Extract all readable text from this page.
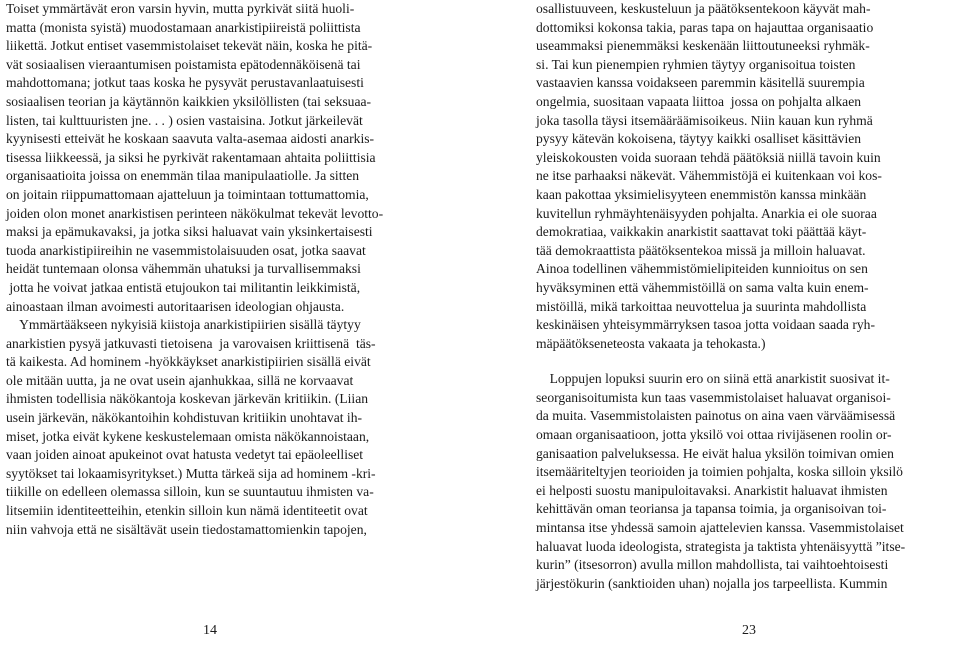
Toiset ymmärtävät eron varsin hyvin, mutta pyrkivät siitä huoli-
matta (monista syistä) muodostamaan anarkistipiireistä poliittista
liikettä. Jotkut entiset vasemmistolaiset tekevät näin, koska he pitä-
vät sosiaalisen vieraantumisen poistamista epätodennäköisenä tai
mahdottomana; jotkut taas koska he pysyvät perustavanlaatuisesti
sosiaalisen teorian ja käytännön kaikkien yksilöllisten (tai seksuaa-
listen, tai kulttuuristen jne. . . ) osien vastaisina. Jotkut järkeilevät
kyynisesti etteivät he koskaan saavuta valta-asemaa aidosti anarkis-
tisessa liikkeessä, ja siksi he pyrkivät rakentamaan ahtaita poliittisia
organisaatioita joissa on enemmän tilaa manipulaatiolle. Ja sitten
on joitain riippumattomaan ajatteluun ja toimintaan tottumattomia,
joiden olon monet anarkistisen perinteen näkökulmat tekevät levotto-
maksi ja epämukavaksi, ja jotka siksi haluavat vain yksinkertaisesti
tuoda anarkistipiireihin ne vasemmistolaisuuden osat, jotka saavat
heidät tuntemaan olonsa vähemmän uhatuksi ja turvallisemmaksi
jotta he voivat jatkaa entistä etujoukon tai militantin leikkimistä,
ainoastaan ilman avoimesti autoritaarisen ideologian ohjausta.
Ymmärtääkseen nykyisiä kiistoja anarkistipiirien sisällä täytyy
anarkistien pysyä jatkuvasti tietoisena  ja varovaisen kriittisenä  täs-
tä kaikesta. Ad hominem -hyökkäykset anarkistipiirien sisällä eivät
ole mitään uutta, ja ne ovat usein ajanhukkaa, sillä ne korvaavat
ihmisten todellisia näkökantoja koskevan järkevän kritiikin. (Liian
usein järkevän, näkökantoihin kohdistuvan kritiikin unohtavat ih-
miset, jotka eivät kykene keskustelemaan omista näkökannoistaan,
vaan joiden ainoat apukeinot ovat hatusta vedetyt tai epäoleelliset
syytökset tai lokaamisyritykset.) Mutta tärkeä sija ad hominem -kri-
tiikille on edelleen olemassa silloin, kun se suuntautuu ihmisten va-
litsemiin identiteetteihin, etenkin silloin kun nämä identiteetit ovat
niin vahvoja että ne sisältävät usein tiedostamattomienkin tapojen,
osallistuuveen, keskusteluun ja päätöksentekoon käyvät mah-
dottomiksi kokonsa takia, paras tapa on hajauttaa organisaatio
useammaksi pienemmäksi keskenään liittoutuneeksi ryhmäk-
si. Tai kun pienempien ryhmien täytyy organisoitua toisten
vastaavien kanssa voidakseen paremmin käsitellä suurempia
ongelmia, suositaan vapaata liittoa  jossa on pohjalta alkaen
joka tasolla täysi itsemääräämisoikeus. Niin kauan kun ryhmä
pysyy kätevän kokoisena, täytyy kaikki osalliset käsittävien
yleiskokousten voida suoraan tehdä päätöksiä niillä tavoin kuin
ne itse parhaaksi näkevät. Vähemmistöjä ei kuitenkaan voi kos-
kaan pakottaa yksimielisyyteen enemmistön kanssa minkään
kuvitellun ryhmäyhtenäisyyden pohjalta. Anarkia ei ole suoraa
demokratiaa, vaikkakin anarkistit saattavat toki päättää käyt-
tää demokraattista päätöksentekoa missä ja milloin haluavat.
Ainoa todellinen vähemmistömielipiteiden kunnioitus on sen
hyväksyminen että vähemmistöillä on sama valta kuin enem-
mistöillä, mikä tarkoittaa neuvottelua ja suurinta mahdollista
keskinäisen yhteisymmärryksen tasoa jotta voidaan saada ryh-
mäpäätökseneteosta vakaata ja tehokasta.)
Loppujen lopuksi suurin ero on siinä että anarkistit suosivat it-
seorganisoitumista kun taas vasemmistolaiset haluavat organisoi-
da muita. Vasemmistolaisten painotus on aina vaen värväämisessä
omaan organisaatioon, jotta yksilö voi ottaa rivijäsenen roolin or-
ganisaation palveluksessa. He eivät halua yksilön toimivan omien
itsemääriteltyjen teorioiden ja toimien pohjalta, koska silloin yksilö
ei helposti suostu manipuloitavaksi. Anarkistit haluavat ihmisten
kehittävän oman teoriansa ja tapansa toimia, ja organisoivan toi-
mintansa itse yhdessä samoin ajattelevien kanssa. Vasemmistolaiset
haluavat luoda ideologista, strategista ja taktista yhtenäisyyttä ”itse-
kurin” (itsesorron) avulla millon mahdollista, tai vaihtoehtoisesti
järjestökurin (sanktioiden uhan) nojalla jos tarpeellista. Kummin
14	23
